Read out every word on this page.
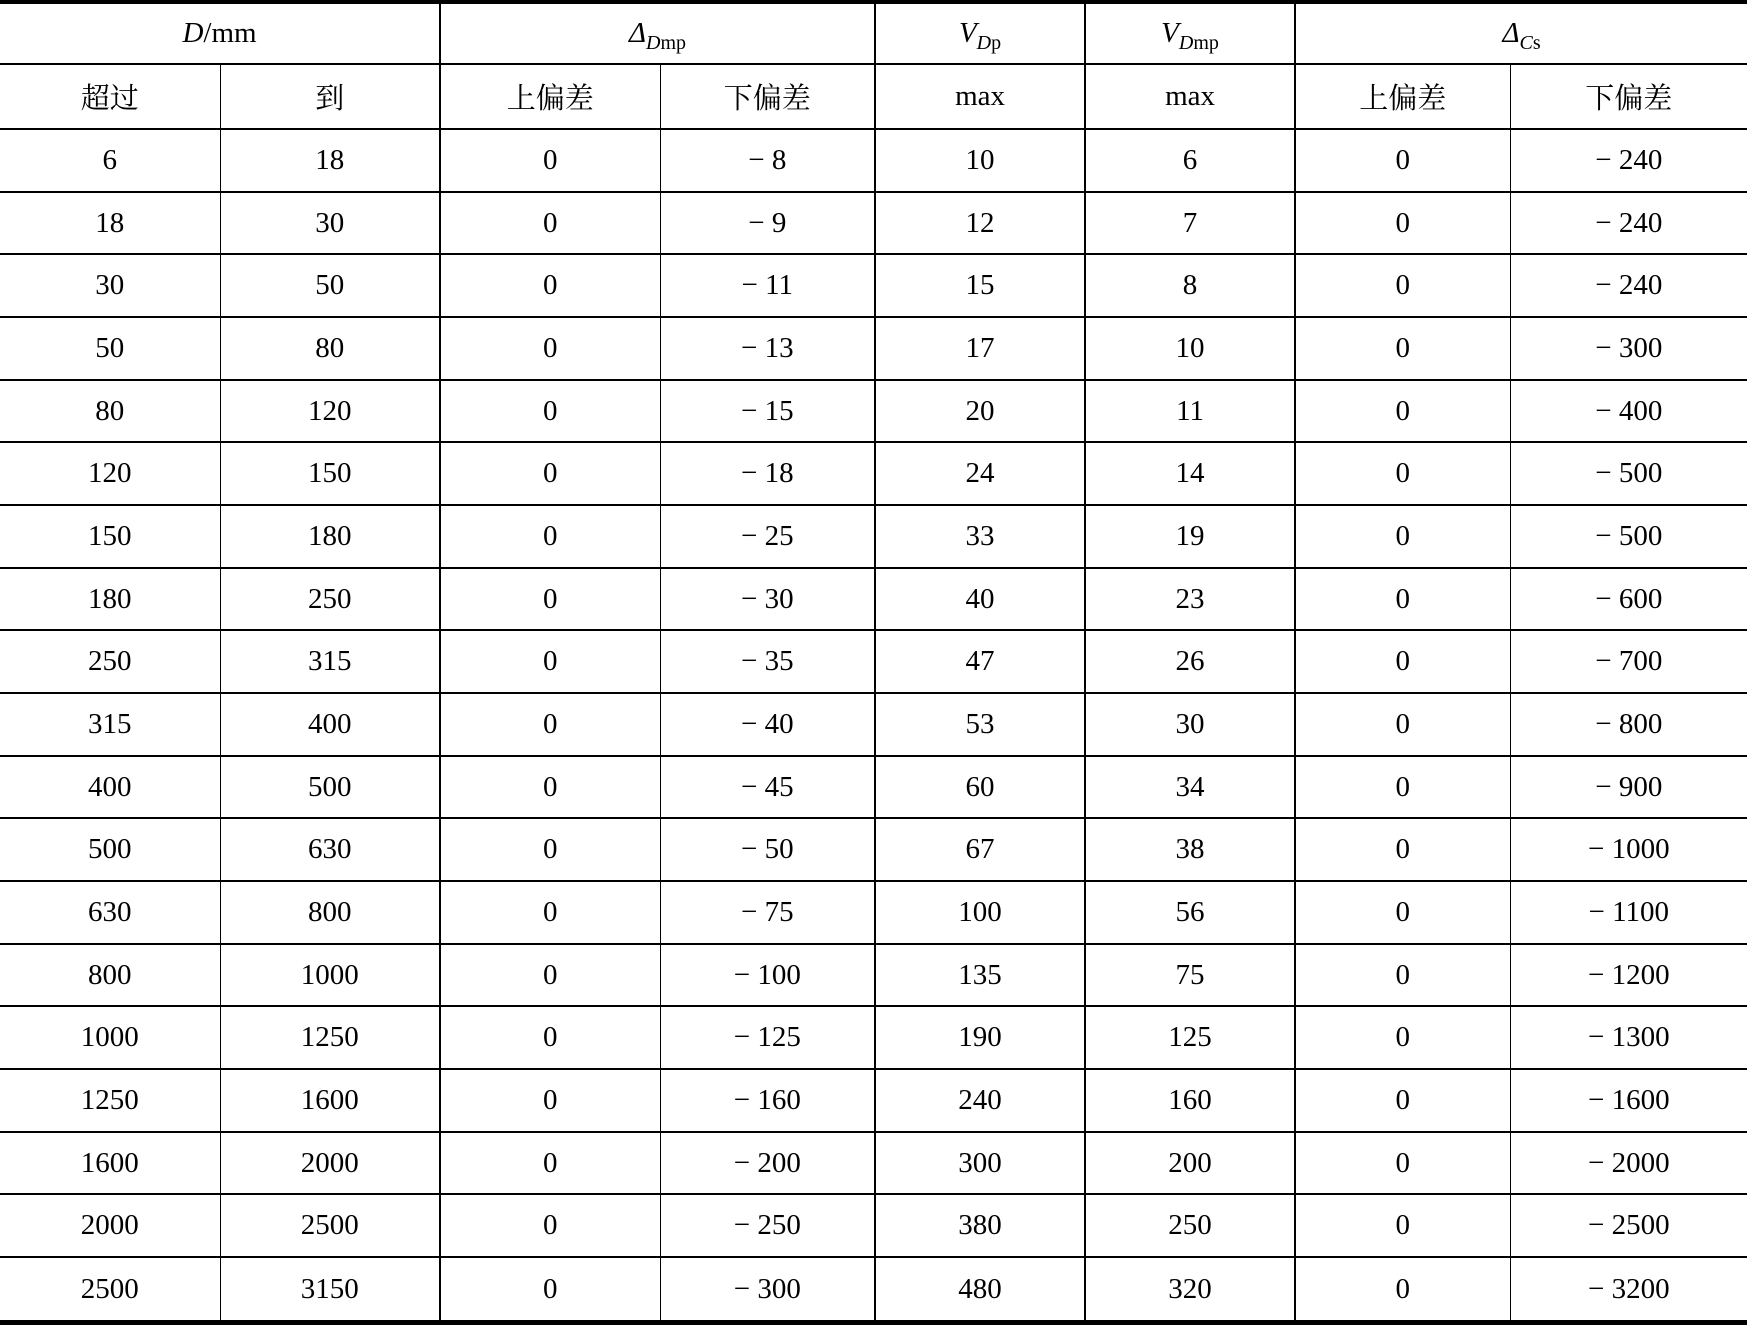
D/mm		$\Delta_{Dmp}$		$V_{Dp}$	$V_{Dmp}$	$\Delta_{Cs}$
超过	到	上偏差	下偏差	max	max	上偏差	下偏差
6	18	0	− 8	10	6	0	− 240
18	30	0	− 9	12	7	0	− 240
30	50	0	− 11	15	8	0	− 240
50	80	0	− 13	17	10	0	− 300
80	120	0	− 15	20	11	0	− 400
120	150	0	− 18	24	14	0	− 500
150	180	0	− 25	33	19	0	− 500
180	250	0	− 30	40	23	0	− 600
250	315	0	− 35	47	26	0	− 700
315	400	0	− 40	53	30	0	− 800
400	500	0	− 45	60	34	0	− 900
500	630	0	− 50	67	38	0	− 1000
630	800	0	− 75	100	56	0	− 1100
800	1000	0	− 100	135	75	0	− 1200
1000	1250	0	− 125	190	125	0	− 1300
1250	1600	0	− 160	240	160	0	− 1600
1600	2000	0	− 200	300	200	0	− 2000
2000	2500	0	− 250	380	250	0	− 2500
2500	3150	0	− 300	480	320	0	− 3200
